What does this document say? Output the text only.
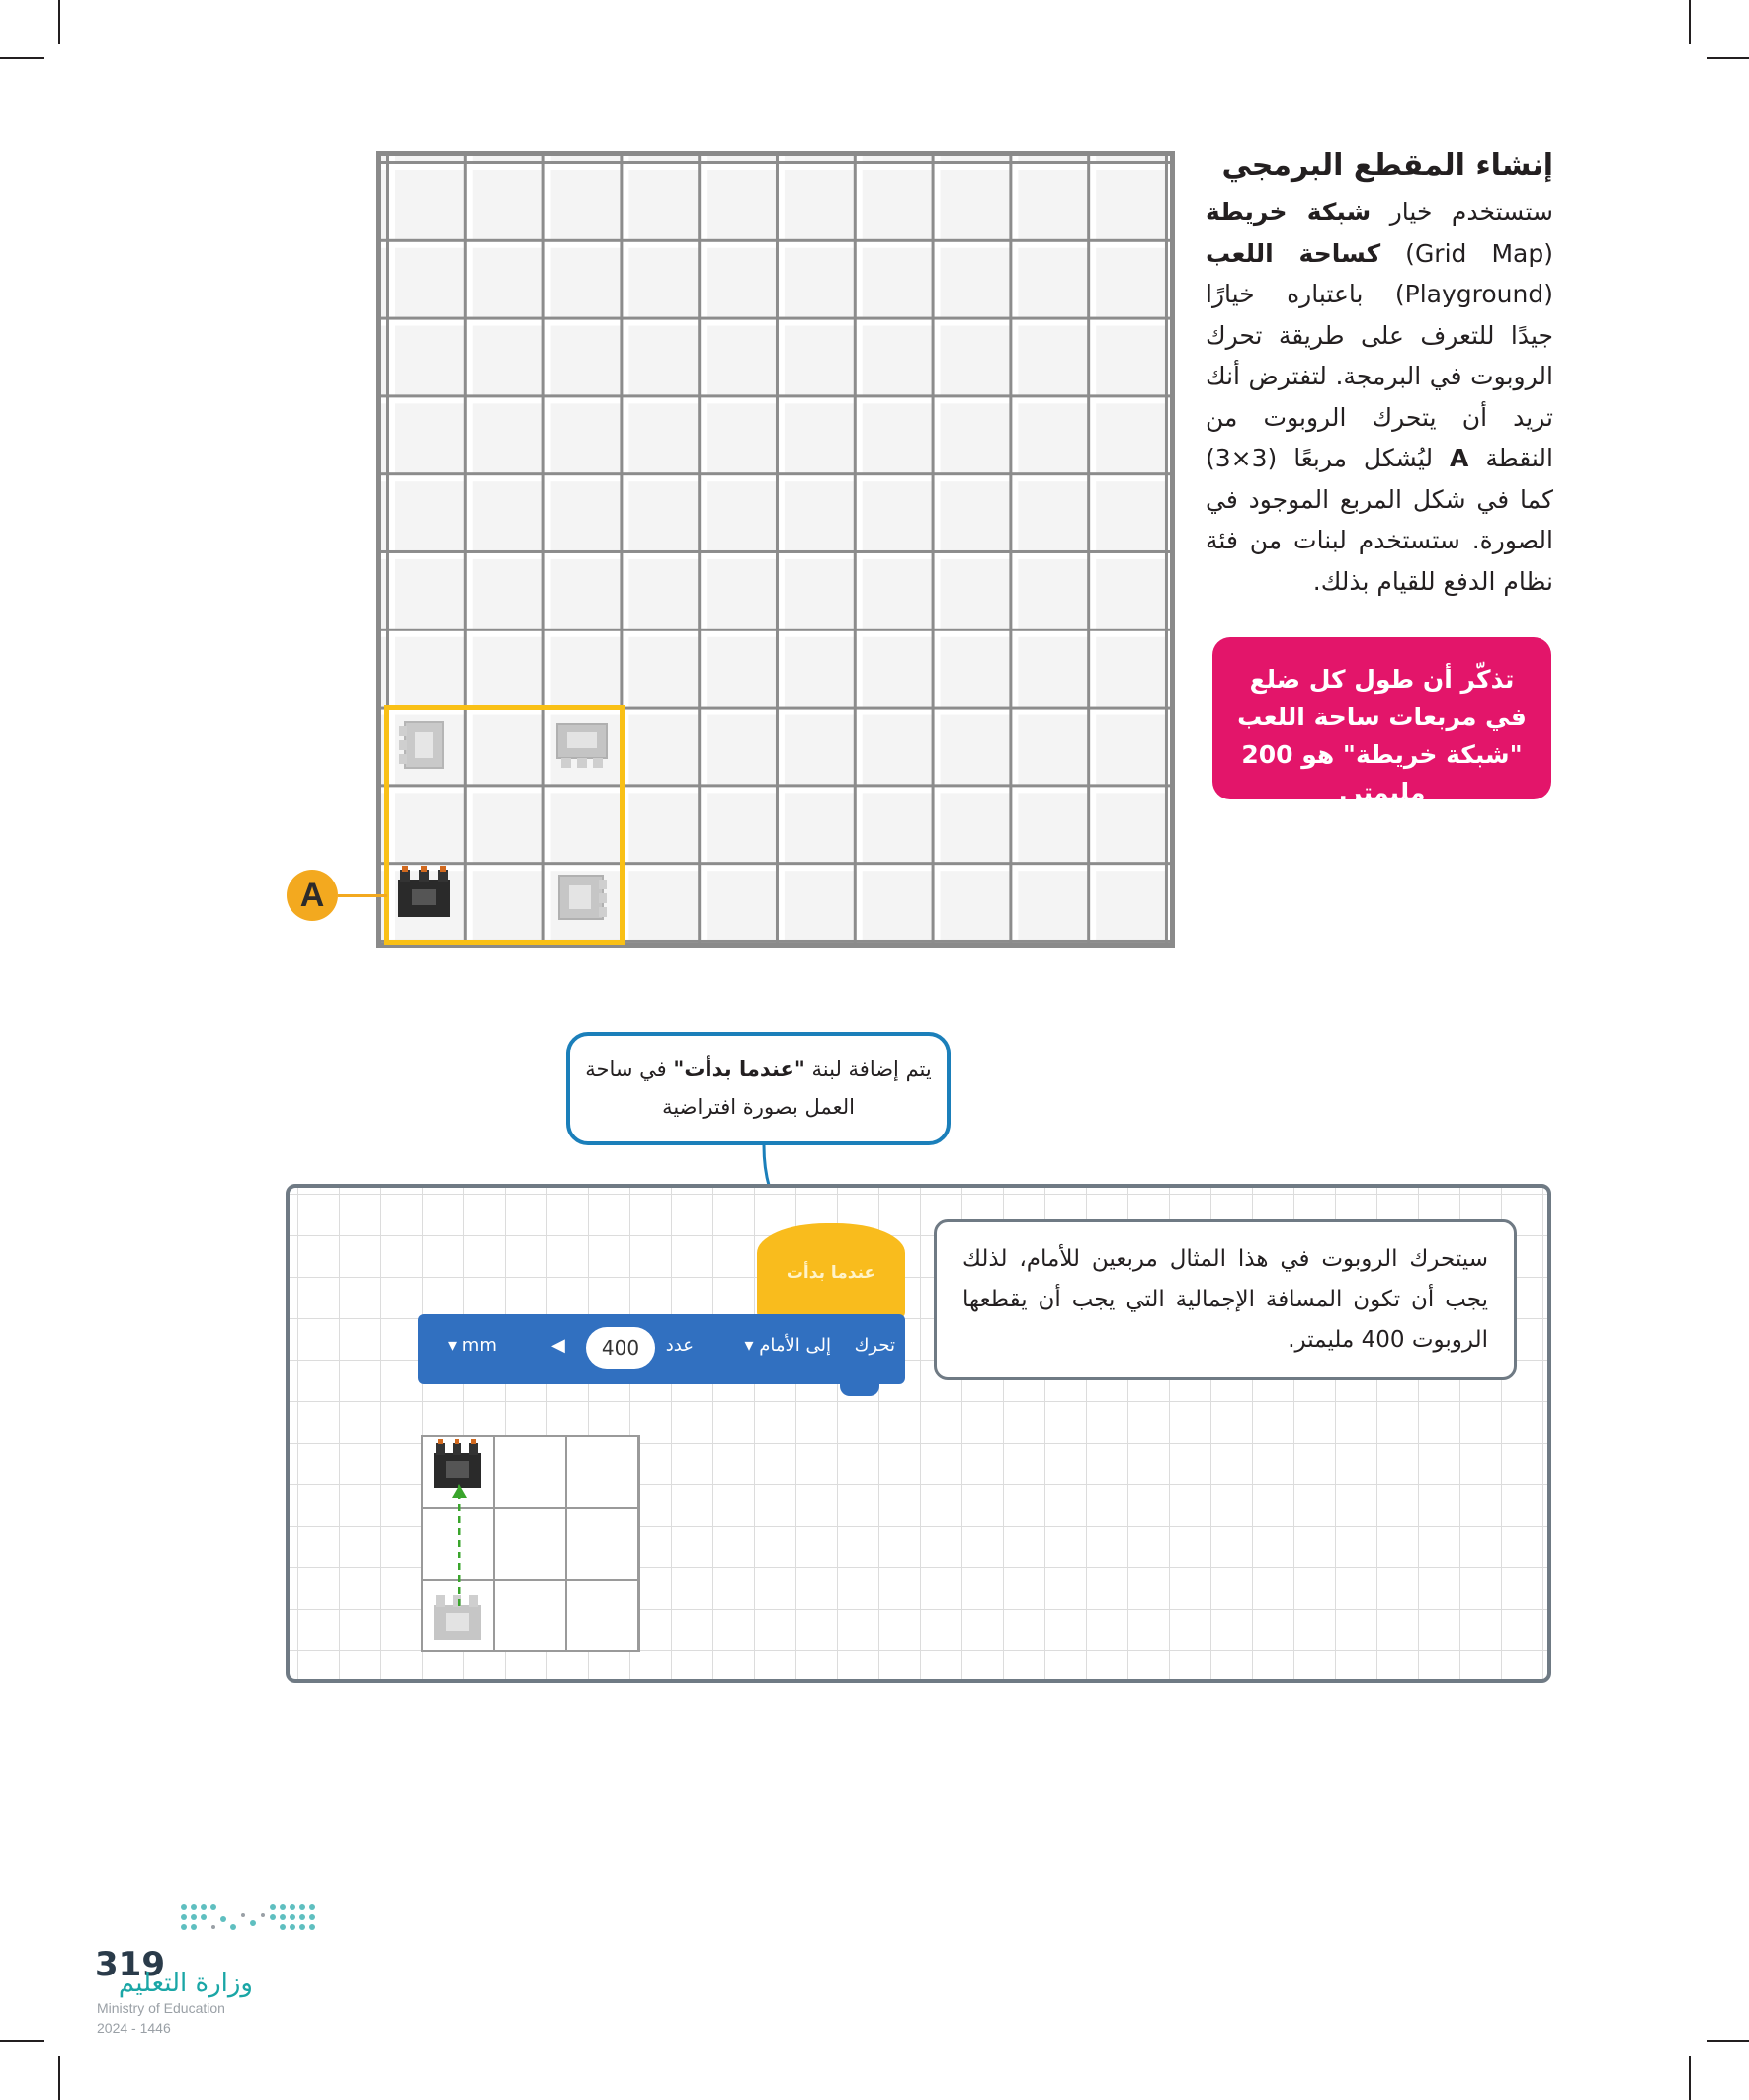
A
إنشاء المقطع البرمجي
ستستخدم خيار شبكة خريطة (Grid Map) كساحة اللعب (Playground) باعتباره خيارًا جيدًا للتعرف على طريقة تحرك الروبوت في البرمجة. لتفترض أنك تريد أن يتحرك الروبوت من النقطة A ليُشكل مربعًا (3×3) كما في شكل المربع الموجود في الصورة. ستستخدم لبنات من فئة نظام الدفع للقيام بذلك.
تذكّر أن طول كل ضلع في مربعات ساحة اللعب "شبكة خريطة" هو 200 مليمتر.
يتم إضافة لبنة "عندما بدأت" في ساحة العمل بصورة افتراضية
عندما بدأت
تحرك
إلى الأمام ▾
عدد
400
◀
▾ mm
سيتحرك الروبوت في هذا المثال مربعين للأمام، لذلك يجب أن تكون المسافة الإجمالية التي يجب أن يقطعها الروبوت 400 مليمتر.
319
وزارة التعليم
Ministry of Education
2024 - 1446
